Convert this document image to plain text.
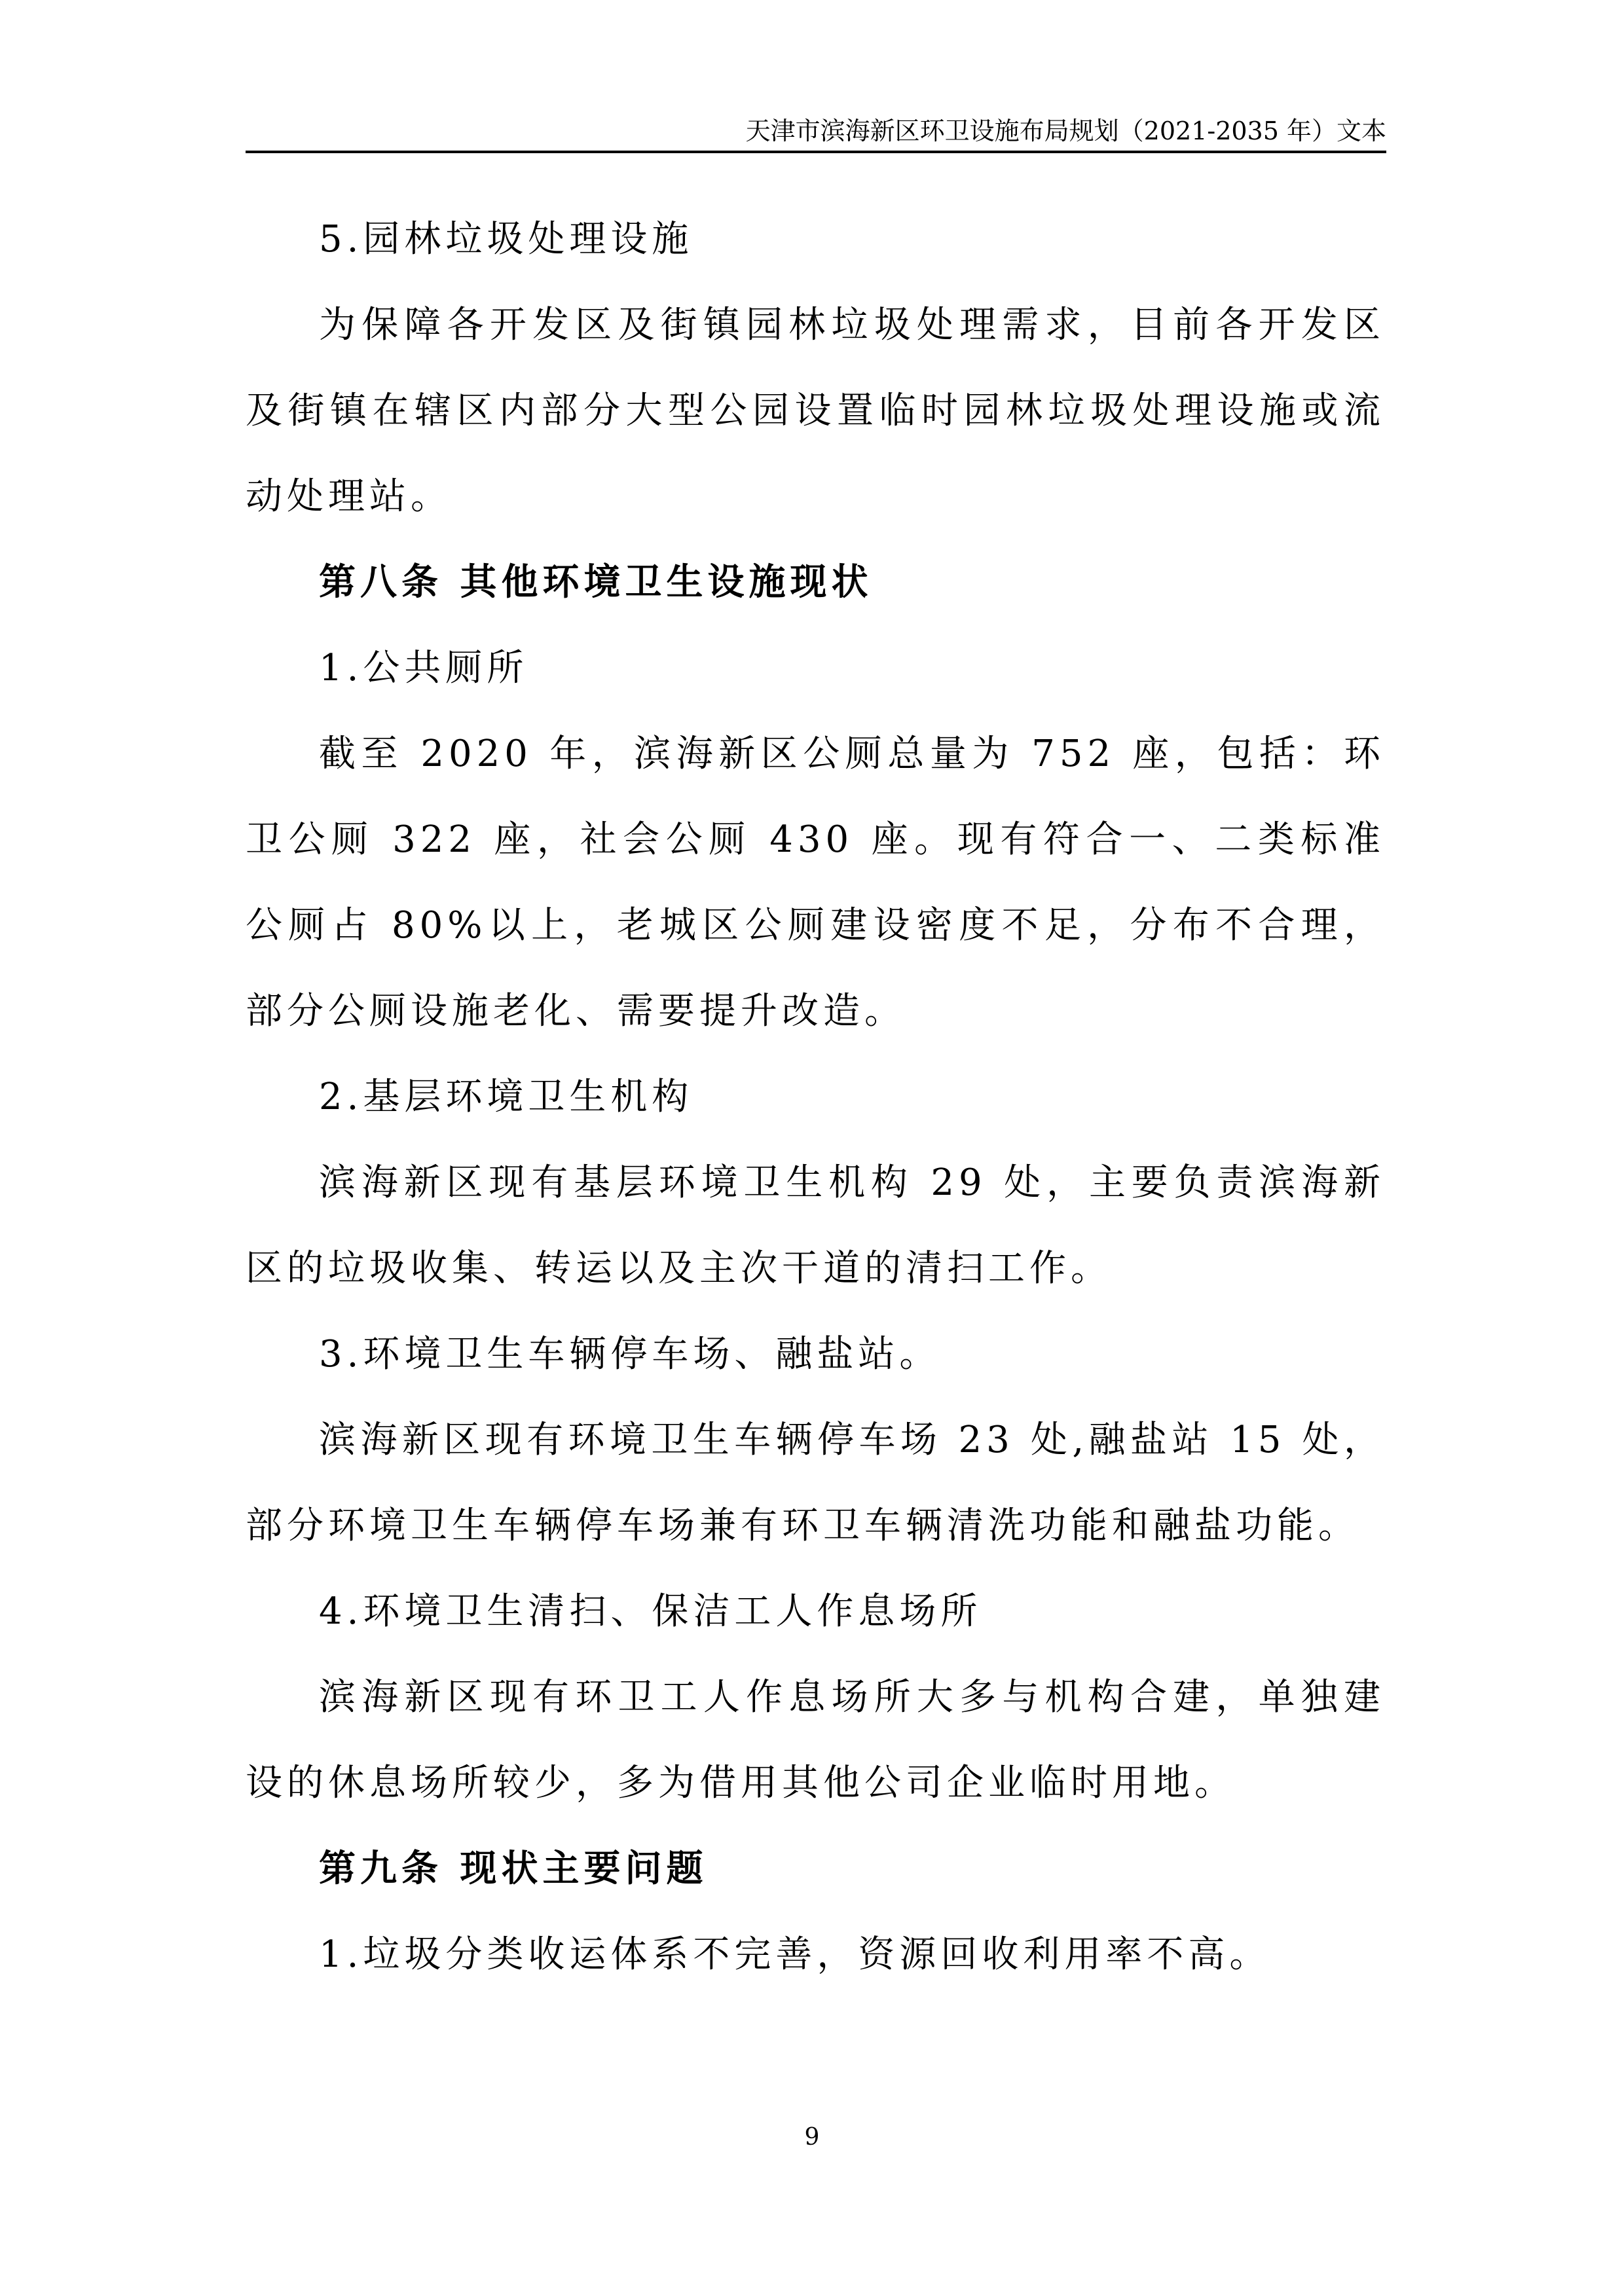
天津市滨海新区环卫设施布局规划（2021-2035 年）文本

5.园林垃圾处理设施

为保障各开发区及街镇园林垃圾处理需求，目前各开发区及街镇在辖区内部分大型公园设置临时园林垃圾处理设施或流动处理站。

第八条 其他环境卫生设施现状

1.公共厕所

截至 2020 年，滨海新区公厕总量为 752 座，包括：环卫公厕 322 座，社会公厕 430 座。现有符合一、二类标准公厕占 80%以上，老城区公厕建设密度不足，分布不合理，部分公厕设施老化、需要提升改造。

2.基层环境卫生机构

滨海新区现有基层环境卫生机构 29 处，主要负责滨海新区的垃圾收集、转运以及主次干道的清扫工作。

3.环境卫生车辆停车场、融盐站。

滨海新区现有环境卫生车辆停车场 23 处,融盐站 15 处，部分环境卫生车辆停车场兼有环卫车辆清洗功能和融盐功能。

4.环境卫生清扫、保洁工人作息场所

滨海新区现有环卫工人作息场所大多与机构合建，单独建设的休息场所较少，多为借用其他公司企业临时用地。

第九条 现状主要问题

1.垃圾分类收运体系不完善，资源回收利用率不高。

9
